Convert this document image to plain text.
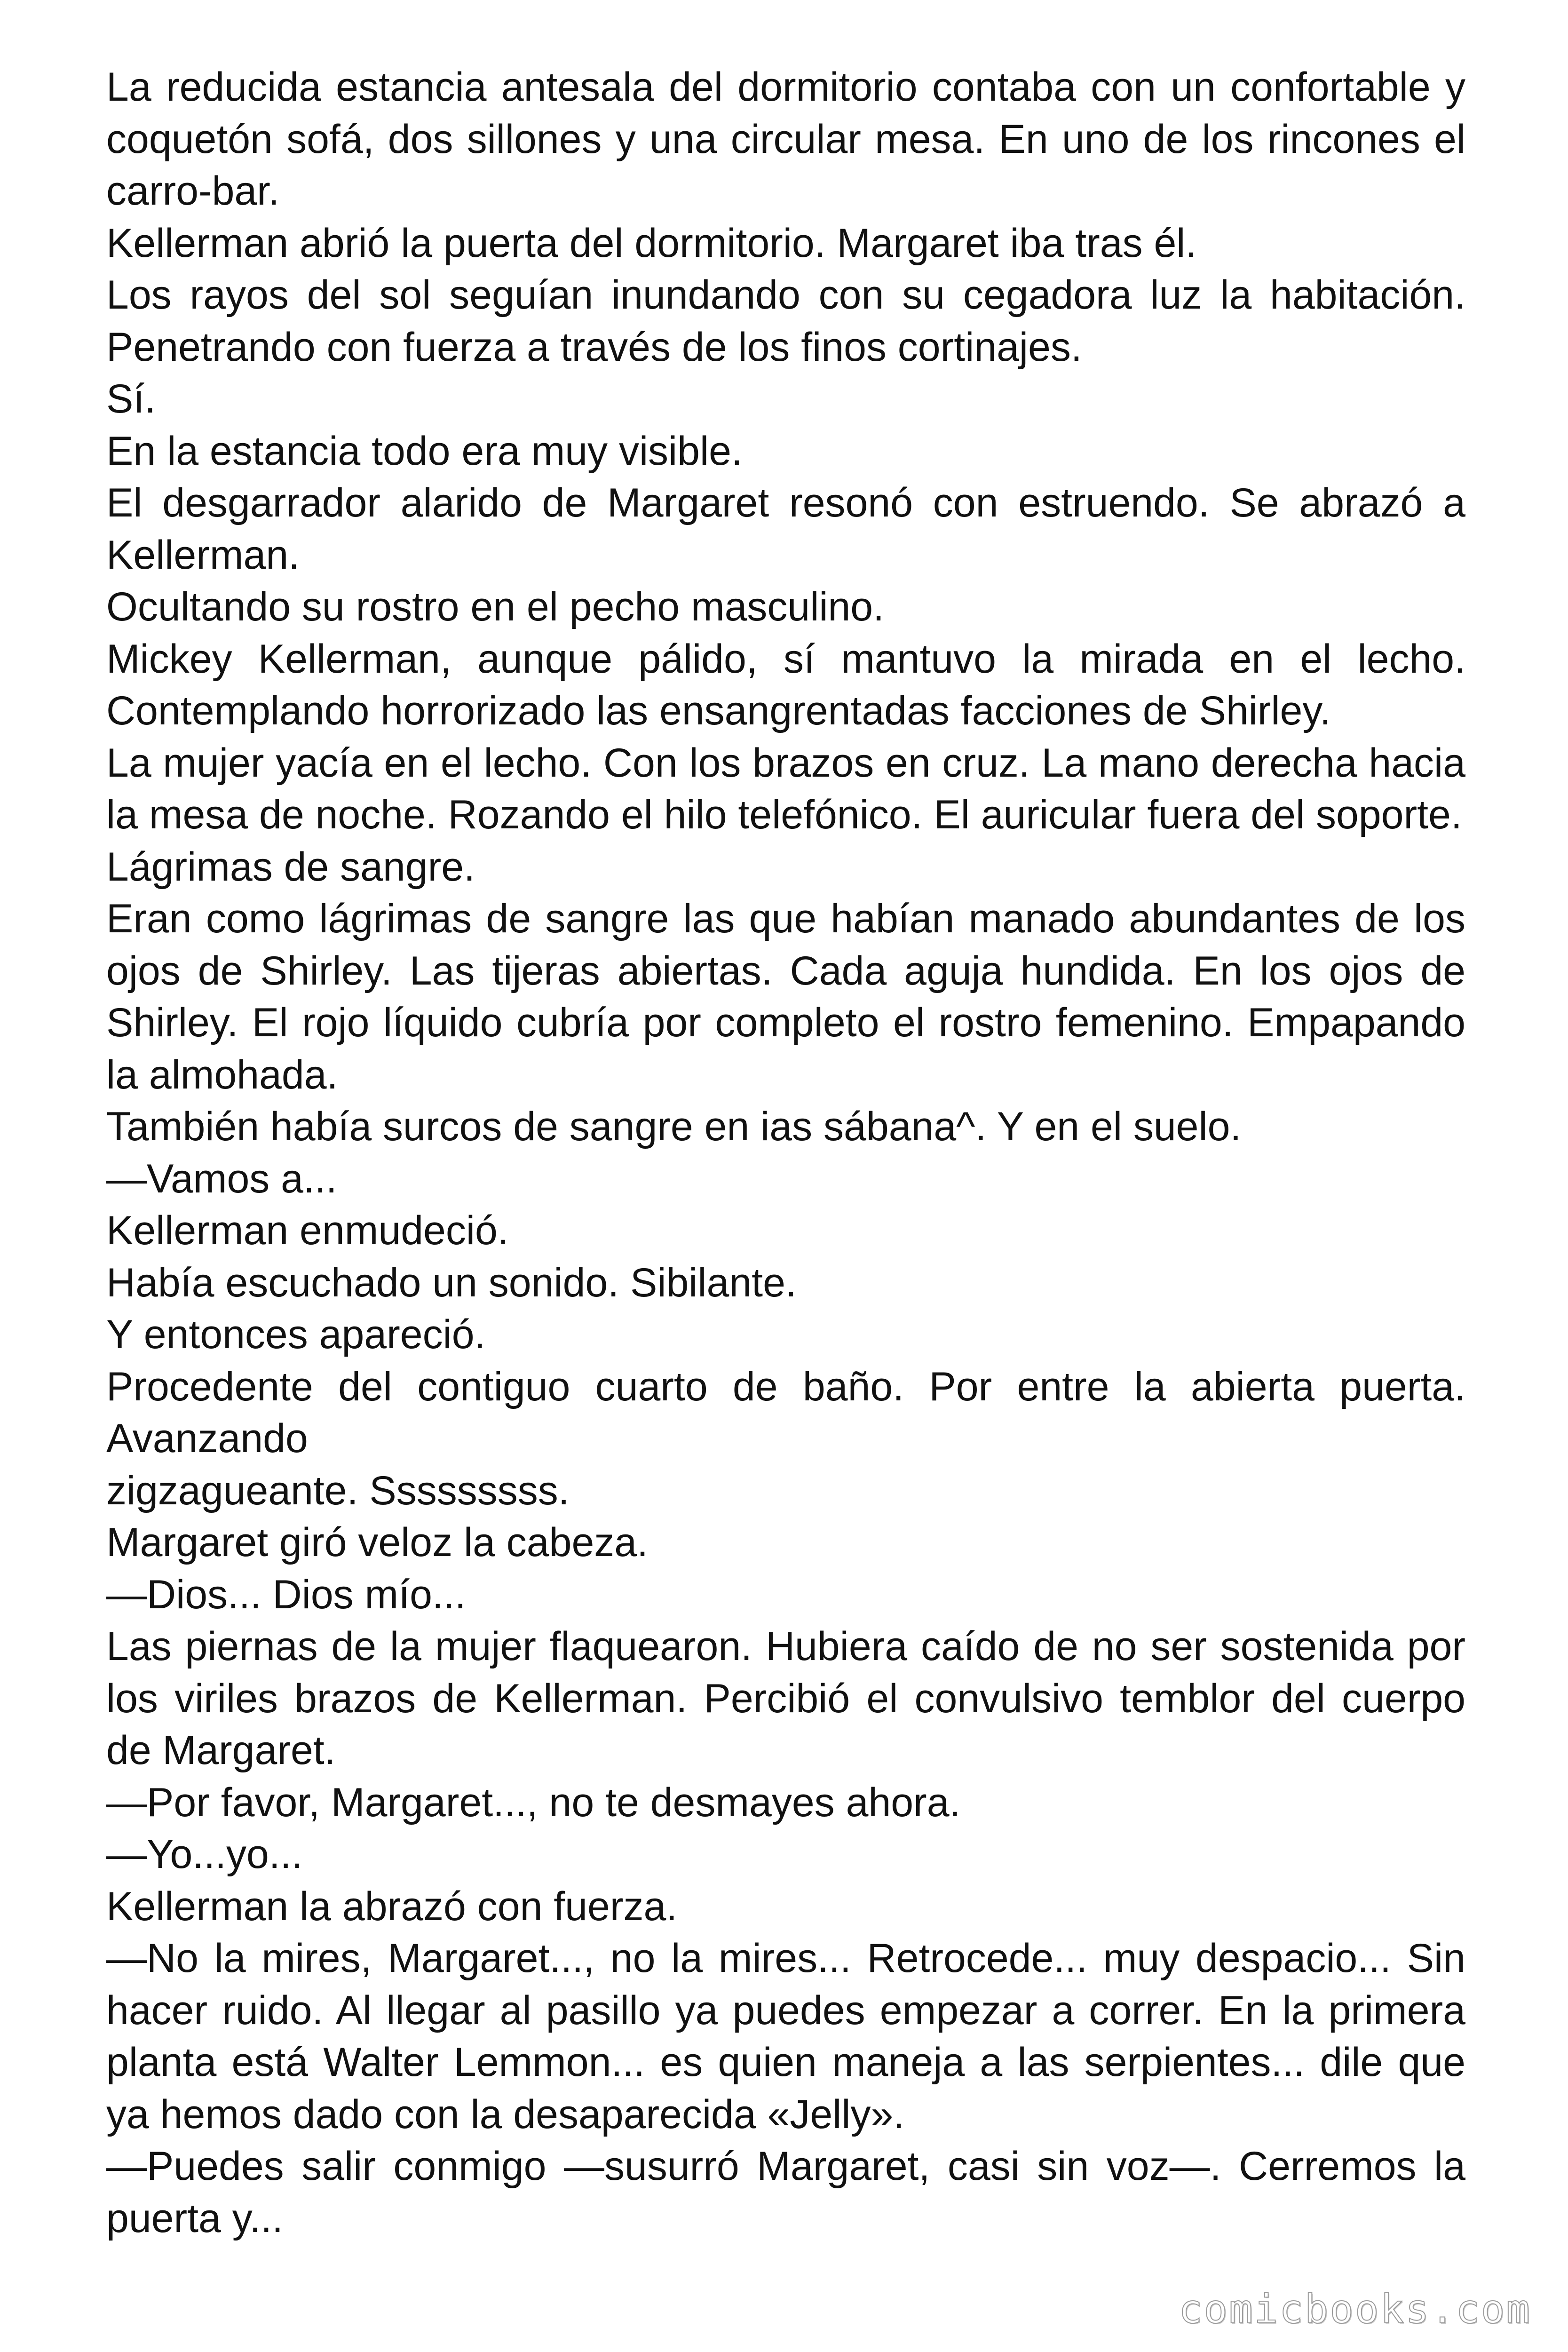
La reducida estancia antesala del dormitorio contaba con un confortable y coquetón sofá, dos sillones y una circular mesa. En uno de los rincones el carro-bar.

Kellerman abrió la puerta del dormitorio. Margaret iba tras él.

Los rayos del sol seguían inundando con su cegadora luz la habitación. Penetrando con fuerza a través de los finos cortinajes.

Sí.

En la estancia todo era muy visible.

El desgarrador alarido de Margaret resonó con estruendo. Se abrazó a Kellerman.

Ocultando su rostro en el pecho masculino.

Mickey Kellerman, aunque pálido, sí mantuvo la mirada en el lecho. Contemplando horrorizado las ensangrentadas facciones de Shirley.

La mujer yacía en el lecho. Con los brazos en cruz. La mano derecha hacia la mesa de noche. Rozando el hilo telefónico. El auricular fuera del soporte.

Lágrimas de sangre.

Eran como lágrimas de sangre las que habían manado abundantes de los ojos de Shirley. Las tijeras abiertas. Cada aguja hundida. En los ojos de Shirley. El rojo líquido cubría por completo el rostro femenino. Empapando la almohada.

También había surcos de sangre en ias sábana^. Y en el suelo.

—Vamos a...

Kellerman enmudeció.

Había escuchado un sonido. Sibilante.

Y entonces apareció.

Procedente del contiguo cuarto de baño. Por entre la abierta puerta. Avanzando

zigzagueante. Sssssssss.

Margaret giró veloz la cabeza.

—Dios... Dios mío...

Las piernas de la mujer flaquearon. Hubiera caído de no ser sostenida por los viriles brazos de Kellerman. Percibió el convulsivo temblor del cuerpo de Margaret.

—Por favor, Margaret..., no te desmayes ahora.

—Yo...yo...

Kellerman la abrazó con fuerza.

—No la mires, Margaret..., no la mires... Retrocede... muy despacio... Sin hacer ruido. Al llegar al pasillo ya puedes empezar a correr. En la primera planta está Walter Lemmon... es quien maneja a las serpientes... dile que ya hemos dado con la desaparecida «Jelly».

—Puedes salir conmigo —susurró Margaret, casi sin voz—. Cerremos la puerta y...

comicbooks.com
